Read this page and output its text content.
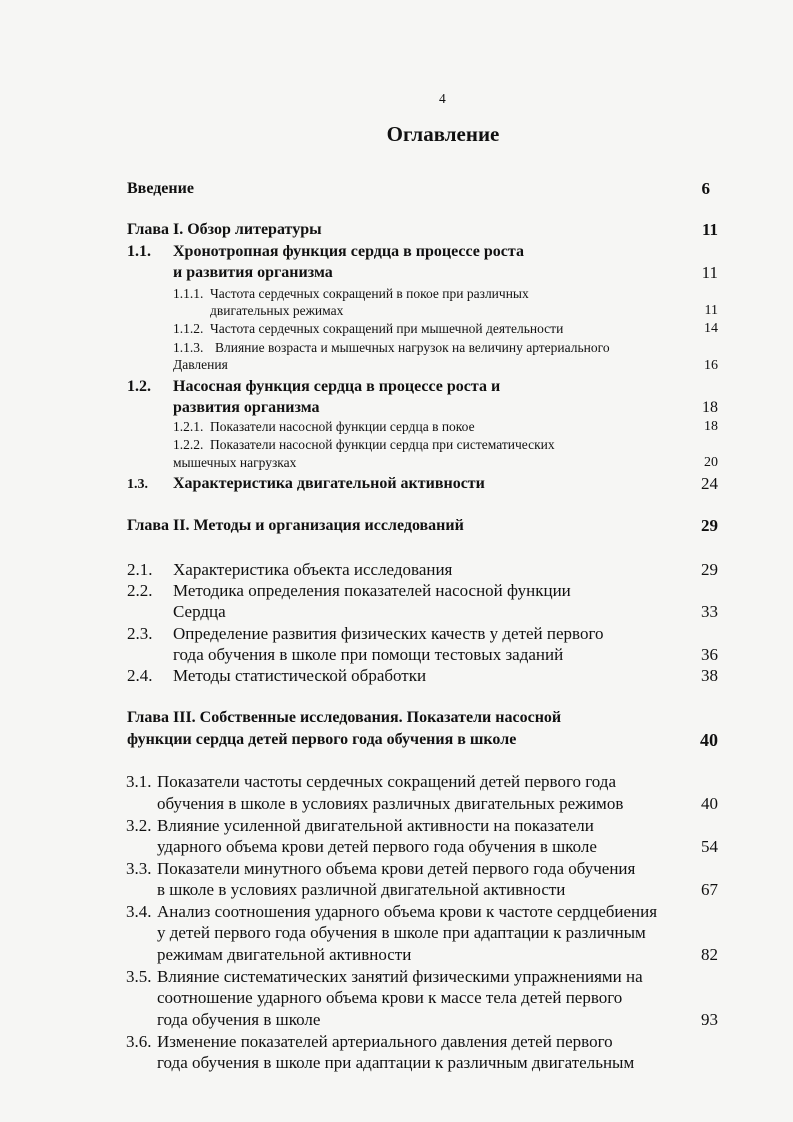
4
Оглавление
Введение	6
Глава I. Обзор литературы	11
1.1. Хронотропная функция сердца в процессе роста
и развития организма	11
1.1.1. Частота сердечных сокращений в покое при различных
двигательных режимах	11
1.1.2. Частота сердечных сокращений при мышечной деятельности	14
1.1.3. Влияние возраста и мышечных нагрузок на величину артериального
Давления	16
1.2. Насосная функция сердца в процессе роста и
развития организма	18
1.2.1. Показатели насосной функции сердца в покое	18
1.2.2. Показатели насосной функции сердца при систематических
мышечных нагрузках	20
1.3. Характеристика двигательной активности	24
Глава II. Методы и организация исследований	29
2.1. Характеристика объекта исследования	29
2.2. Методика определения показателей насосной функции
Сердца	33
2.3. Определение развития физических качеств у детей первого
года обучения в школе при помощи тестовых заданий	36
2.4. Методы статистической обработки	38
Глава III. Собственные исследования. Показатели насосной
функции сердца детей первого года обучения в школе	40
3.1. Показатели частоты сердечных сокращений детей первого года
обучения в школе в условиях различных двигательных режимов	40
3.2. Влияние усиленной двигательной активности на показатели
ударного объема крови детей первого года обучения в школе	54
3.3. Показатели минутного объема крови детей первого года обучения
в школе в условиях различной двигательной активности	67
3.4. Анализ соотношения ударного объема крови к частоте сердцебиения
у детей первого года обучения в школе при адаптации к различным
режимам двигательной активности	82
3.5. Влияние систематических занятий физическими упражнениями на
соотношение ударного объема крови к массе тела детей первого
года обучения в школе	93
3.6. Изменение показателей артериального давления детей первого
года обучения в школе при адаптации к различным двигательным
